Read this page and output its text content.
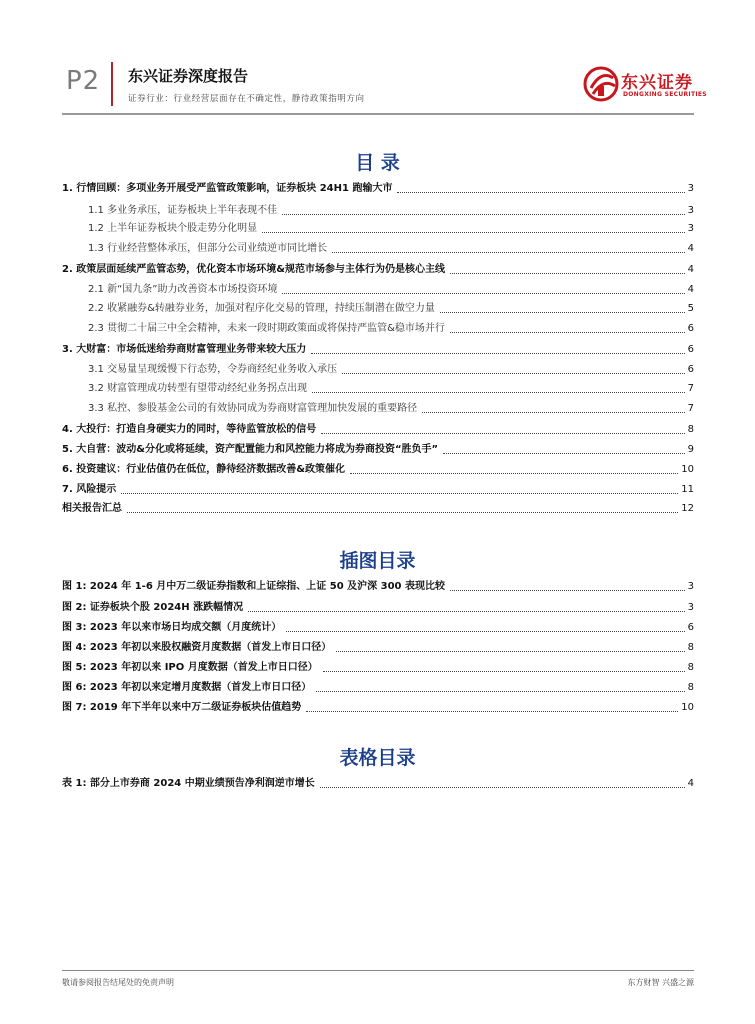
P2 东兴证券深度报告
证券行业：行业经营层面存在不确定性，静待政策指明方向
东兴证券
DONGXING SECURITIES
目 录
1. 行情回顾：多项业务开展受严监管政策影响，证券板块 24H1 跑输大市	3
1.1 多业务承压，证券板块上半年表现不佳	3
1.2 上半年证券板块个股走势分化明显	3
1.3 行业经营整体承压，但部分公司业绩逆市同比增长	4
2. 政策层面延续严监管态势，优化资本市场环境&规范市场参与主体行为仍是核心主线	4
2.1 新“国九条”助力改善资本市场投资环境	4
2.2 收紧融券&转融券业务，加强对程序化交易的管理，持续压制潜在做空力量	5
2.3 贯彻二十届三中全会精神，未来一段时期政策面或将保持严监管&稳市场并行	6
3. 大财富：市场低迷给券商财富管理业务带来较大压力	6
3.1 交易量呈现缓慢下行态势，令券商经纪业务收入承压	6
3.2 财富管理成功转型有望带动经纪业务拐点出现	7
3.3 私控、参股基金公司的有效协同成为券商财富管理加快发展的重要路径	7
4. 大投行：打造自身硬实力的同时，等待监管放松的信号	8
5. 大自营：波动&分化或将延续，资产配置能力和风控能力将成为券商投资“胜负手”	9
6. 投资建议：行业估值仍在低位，静待经济数据改善&政策催化	10
7. 风险提示	11
相关报告汇总	12
插图目录
图 1: 2024 年 1-6 月中万二级证券指数和上证综指、上证 50 及沪深 300 表现比较	3
图 2: 证券板块个股 2024H 涨跌幅情况	3
图 3: 2023 年以来市场日均成交额（月度统计）	6
图 4: 2023 年初以来股权融资月度数据（首发上市日口径）	8
图 5: 2023 年初以来 IPO 月度数据（首发上市日口径）	8
图 6: 2023 年初以来定增月度数据（首发上市日口径）	8
图 7: 2019 年下半年以来中万二级证券板块估值趋势	10
表格目录
表 1: 部分上市券商 2024 中期业绩预告净利润逆市增长	4
敬请参阅报告结尾处的免责声明	东方财智 兴盛之源
